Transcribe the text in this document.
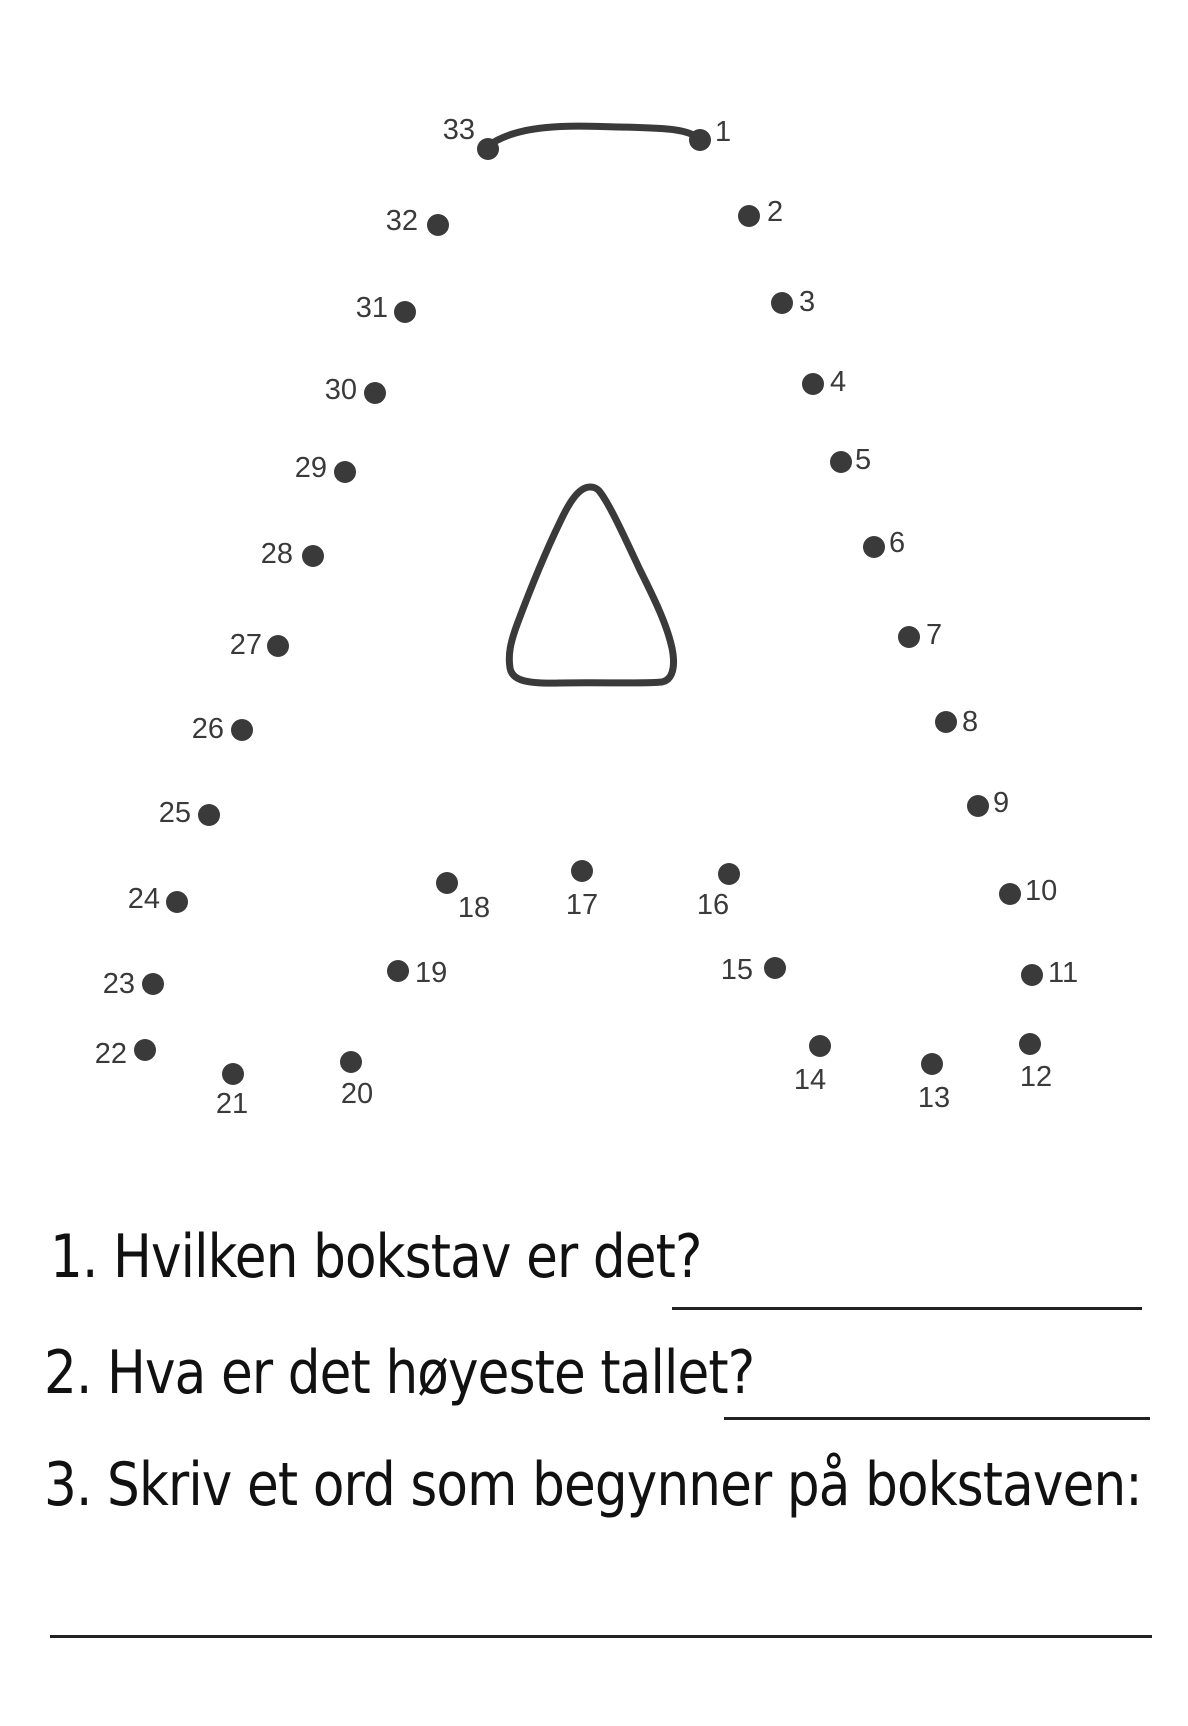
1
2
3
4
5
6
7
8
9
10
11
12
13
14
15
16
17
18
19
20
21
22
23
24
25
26
27
28
29
30
31
32
33
1. Hvilken bokstav er det?
2. Hva er det høyeste tallet?
3. Skriv et ord som begynner på bokstaven:
